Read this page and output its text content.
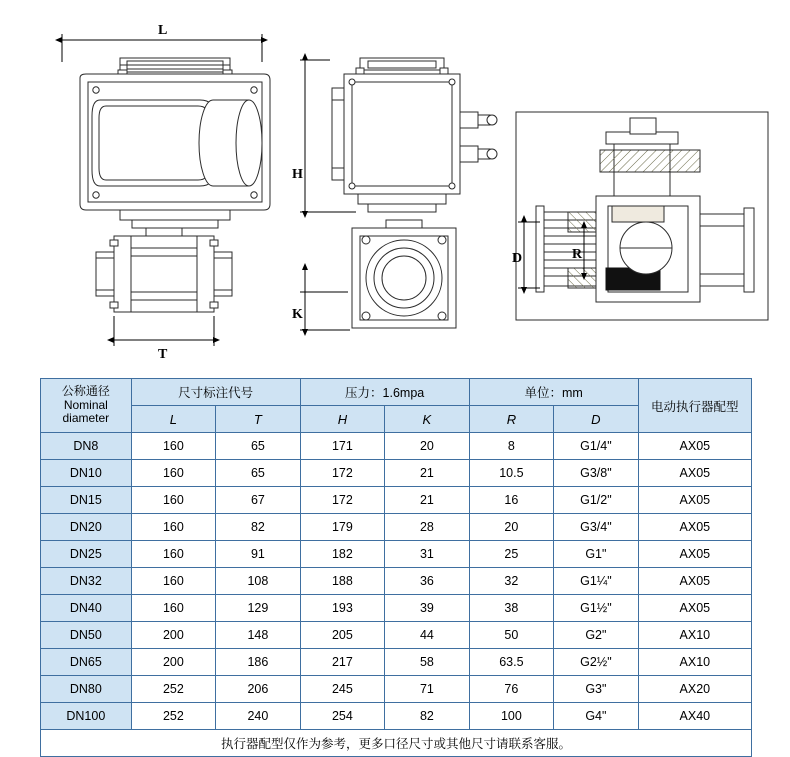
L
T
H
K
D	R
公称通径
Nominal
diameter	尺寸标注代号		压力：1.6mpa		单位：mm		电动执行器配型
	L	T	H	K	R	D	
DN8	160	65	171	20	8	G1/4"	AX05
DN10	160	65	172	21	10.5	G3/8"	AX05
DN15	160	67	172	21	16	G1/2"	AX05
DN20	160	82	179	28	20	G3/4"	AX05
DN25	160	91	182	31	25	G1"	AX05
DN32	160	108	188	36	32	G1¼"	AX05
DN40	160	129	193	39	38	G1½"	AX05
DN50	200	148	205	44	50	G2"	AX10
DN65	200	186	217	58	63.5	G2½"	AX10
DN80	252	206	245	71	76	G3"	AX20
DN100	252	240	254	82	100	G4"	AX40
执行器配型仅作为参考，更多口径尺寸或其他尺寸请联系客服。							
